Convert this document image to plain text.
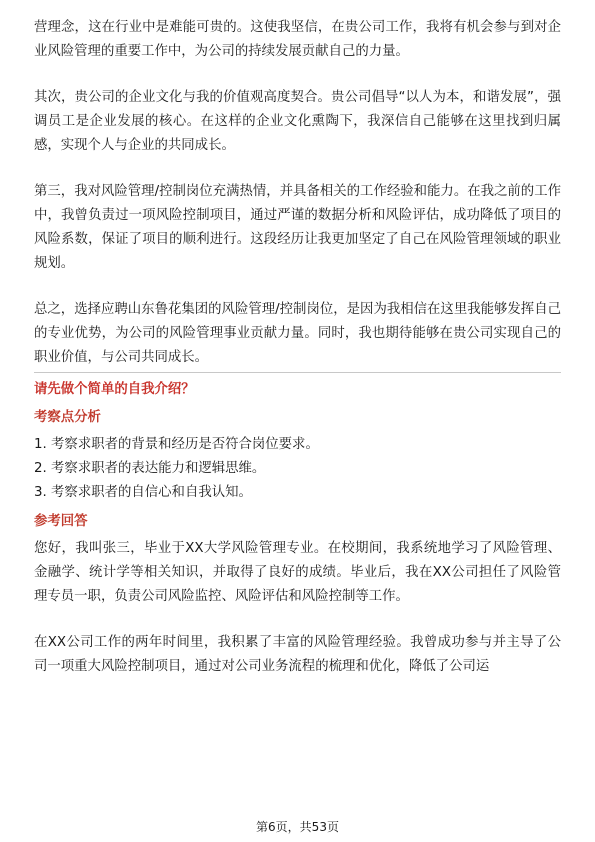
营理念，这在行业中是难能可贵的。这使我坚信，在贵公司工作，我将有机会参与到对企业风险管理的重要工作中，为公司的持续发展贡献自己的力量。

其次，贵公司的企业文化与我的价值观高度契合。贵公司倡导“以人为本，和谐发展”，强调员工是企业发展的核心。在这样的企业文化熏陶下，我深信自己能够在这里找到归属感，实现个人与企业的共同成长。

第三，我对风险管理/控制岗位充满热情，并具备相关的工作经验和能力。在我之前的工作中，我曾负责过一项风险控制项目，通过严谨的数据分析和风险评估，成功降低了项目的风险系数，保证了项目的顺利进行。这段经历让我更加坚定了自己在风险管理领域的职业规划。

总之，选择应聘山东鲁花集团的风险管理/控制岗位，是因为我相信在这里我能够发挥自己的专业优势，为公司的风险管理事业贡献力量。同时，我也期待能够在贵公司实现自己的职业价值，与公司共同成长。

请先做个简单的自我介绍？

考察点分析

1. 考察求职者的背景和经历是否符合岗位要求。
2. 考察求职者的表达能力和逻辑思维。
3. 考察求职者的自信心和自我认知。

参考回答

您好，我叫张三，毕业于XX大学风险管理专业。在校期间，我系统地学习了风险管理、金融学、统计学等相关知识，并取得了良好的成绩。毕业后，我在XX公司担任了风险管理专员一职，负责公司风险监控、风险评估和风险控制等工作。

在XX公司工作的两年时间里，我积累了丰富的风险管理经验。我曾成功参与并主导了公司一项重大风险控制项目，通过对公司业务流程的梳理和优化，降低了公司运

第6页，共53页
